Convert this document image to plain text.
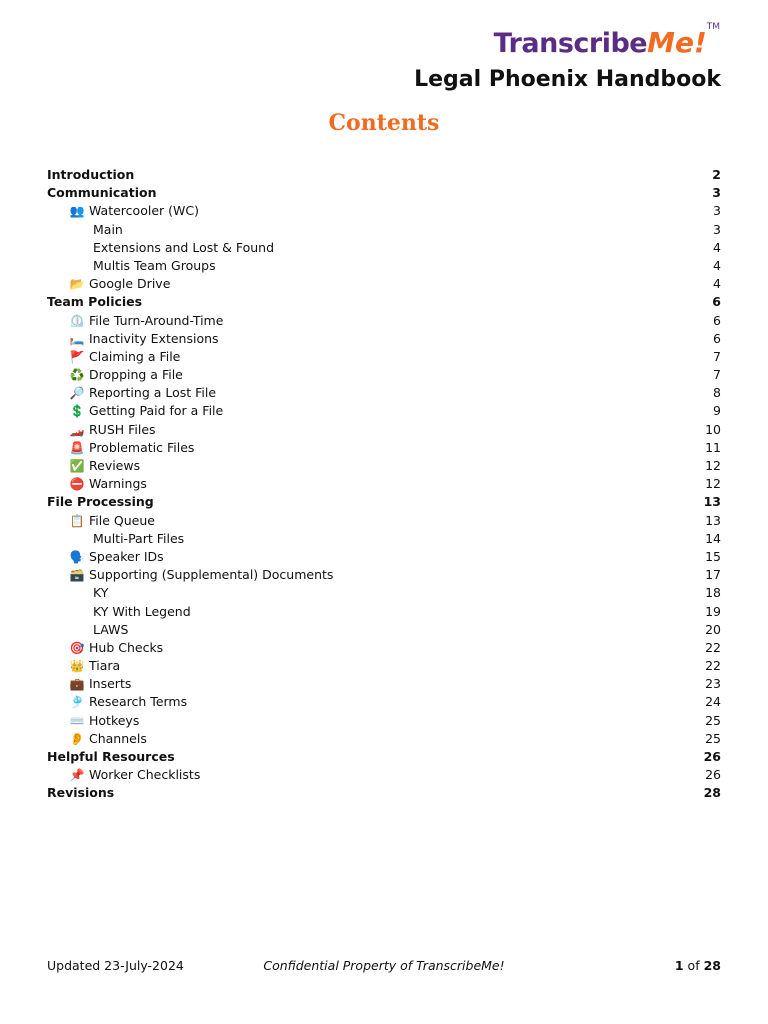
TranscribeMe!™
Legal Phoenix Handbook
Contents
Introduction	2
Communication	3
👥 Watercooler (WC)	3
Main	3
Extensions and Lost & Found	4
Multis Team Groups	4
📂 Google Drive	4
Team Policies	6
⏲️ File Turn-Around-Time	6
🛏️ Inactivity Extensions	6
🚩 Claiming a File	7
♻️ Dropping a File	7
🔎 Reporting a Lost File	8
💲 Getting Paid for a File	9
🏎️ RUSH Files	10
🚨 Problematic Files	11
✅ Reviews	12
⛔ Warnings	12
File Processing	13
📋 File Queue	13
Multi-Part Files	14
🗣️ Speaker IDs	15
🗃️ Supporting (Supplemental) Documents	17
KY	18
KY With Legend	19
LAWS	20
🎯 Hub Checks	22
👑 Tiara	22
💼 Inserts	23
🎐 Research Terms	24
⌨️ Hotkeys	25
👂 Channels	25
Helpful Resources	26
📌 Worker Checklists	26
Revisions	28
Updated 23-July-2024	Confidential Property of TranscribeMe!	1 of 28
